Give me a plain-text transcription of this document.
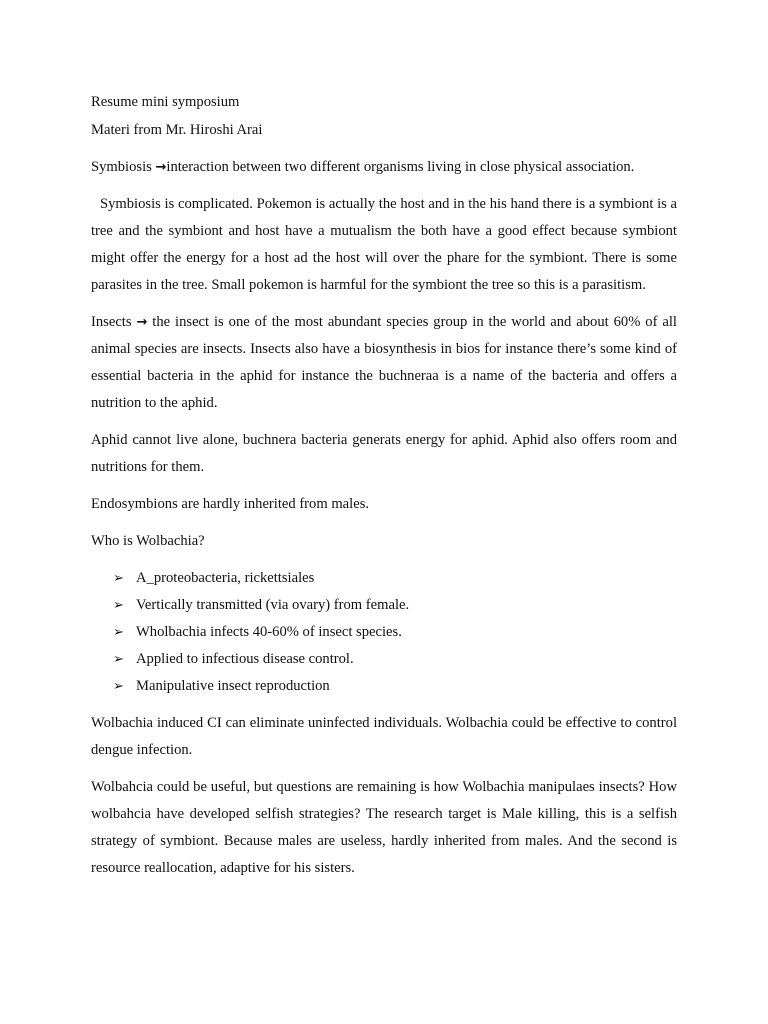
Resume mini symposium

Materi from Mr. Hiroshi Arai

Symbiosis →interaction between two different organisms living in close physical association.

Symbiosis is complicated. Pokemon is actually the host and in the his hand there is a symbiont is a tree and the symbiont and host have a mutualism the both have a good effect because symbiont might offer the energy for a host ad the host will over the phare for the symbiont. There is some parasites in the tree. Small pokemon is harmful for the symbiont the tree so this is a parasitism.

Insects → the insect is one of the most abundant species group in the world and about 60% of all animal species are insects. Insects also have a biosynthesis in bios for instance there’s some kind of essential bacteria in the aphid for instance the buchneraa is a name of the bacteria and offers a nutrition to the aphid.

Aphid cannot live alone, buchnera bacteria generats energy for aphid. Aphid also offers room and nutritions for them.

Endosymbions are hardly inherited from males.

Who is Wolbachia?

➢ A_proteobacteria, rickettsiales
➢ Vertically transmitted (via ovary) from female.
➢ Wholbachia infects 40-60% of insect species.
➢ Applied to infectious disease control.
➢ Manipulative insect reproduction

Wolbachia induced CI can eliminate uninfected individuals. Wolbachia could be effective to control dengue infection.

Wolbahcia could be useful, but questions are remaining is how Wolbachia manipulaes insects? How wolbahcia have developed selfish strategies? The research target is Male killing, this is a selfish strategy of symbiont. Because males are useless, hardly inherited from males. And the second is resource reallocation, adaptive for his sisters.
